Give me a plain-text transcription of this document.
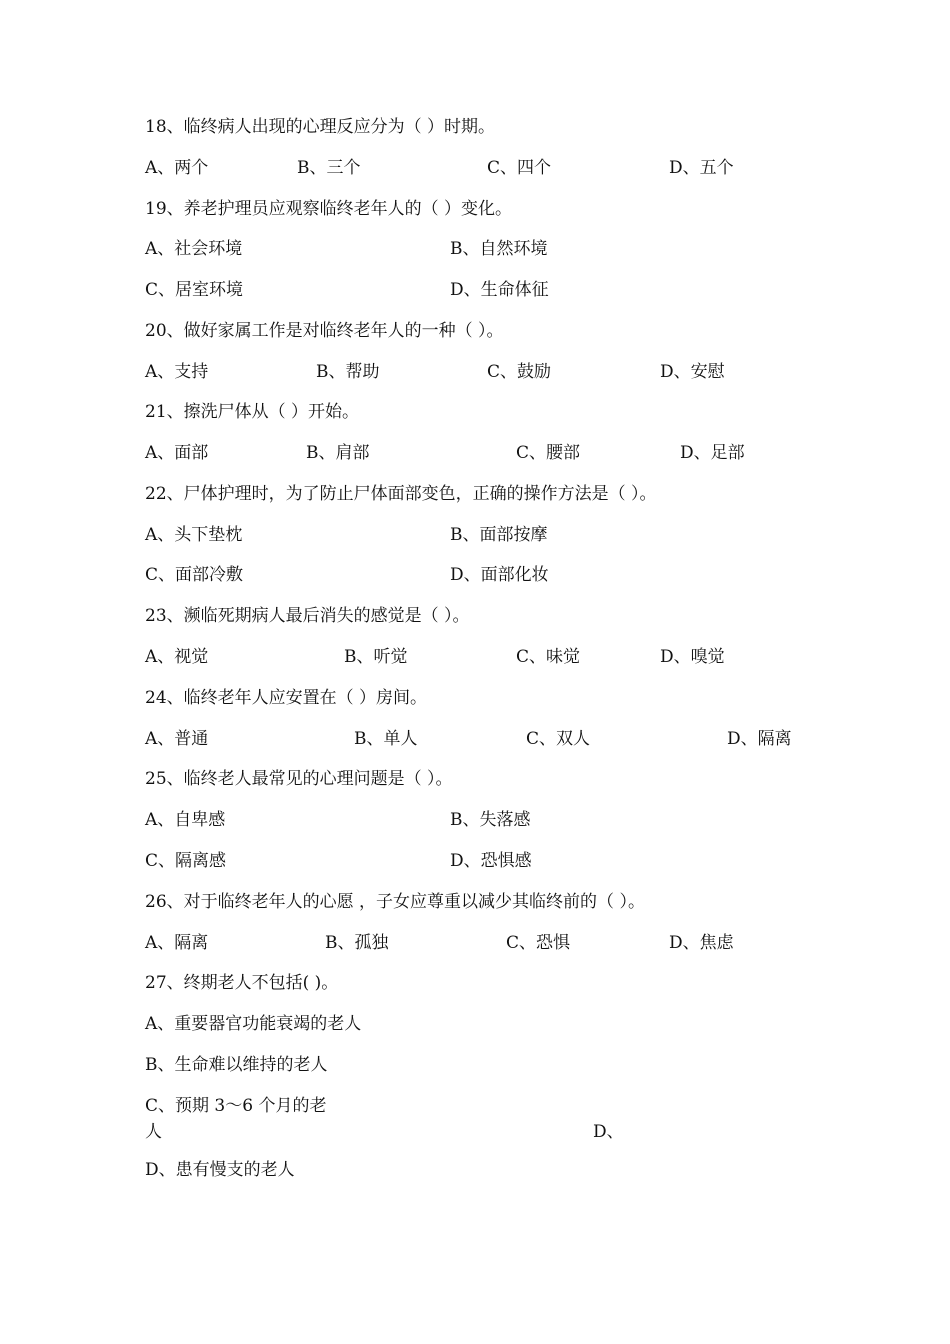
18、临终病人出现的心理反应分为（ ）时期。
A、两个	B、三个	C、四个	D、五个
19、养老护理员应观察临终老年人的（ ）变化。
A、社会环境	B、自然环境
C、居室环境	D、生命体征
20、做好家属工作是对临终老年人的一种（ ）。
A、支持	B、帮助	C、鼓励	D、安慰
21、擦洗尸体从（ ）开始。
A、面部	B、肩部	C、腰部	D、足部
22、尸体护理时，为了防止尸体面部变色，正确的操作方法是（ ）。
A、头下垫枕	B、面部按摩
C、面部冷敷	D、面部化妆
23、濒临死期病人最后消失的感觉是（ ）。
A、视觉	B、听觉	C、味觉	D、嗅觉
24、临终老年人应安置在（ ）房间。
A、普通	B、单人	C、双人	D、隔离
25、临终老人最常见的心理问题是（ ）。
A、自卑感	B、失落感
C、隔离感	D、恐惧感
26、对于临终老年人的心愿 ，子女应尊重以减少其临终前的（ ）。
A、隔离	B、孤独	C、恐惧	D、焦虑
27、终期老人不包括( )。
A、重要器官功能衰竭的老人
B、生命难以维持的老人
C、预期 3～6 个月的老
人	D、
D、患有慢支的老人
